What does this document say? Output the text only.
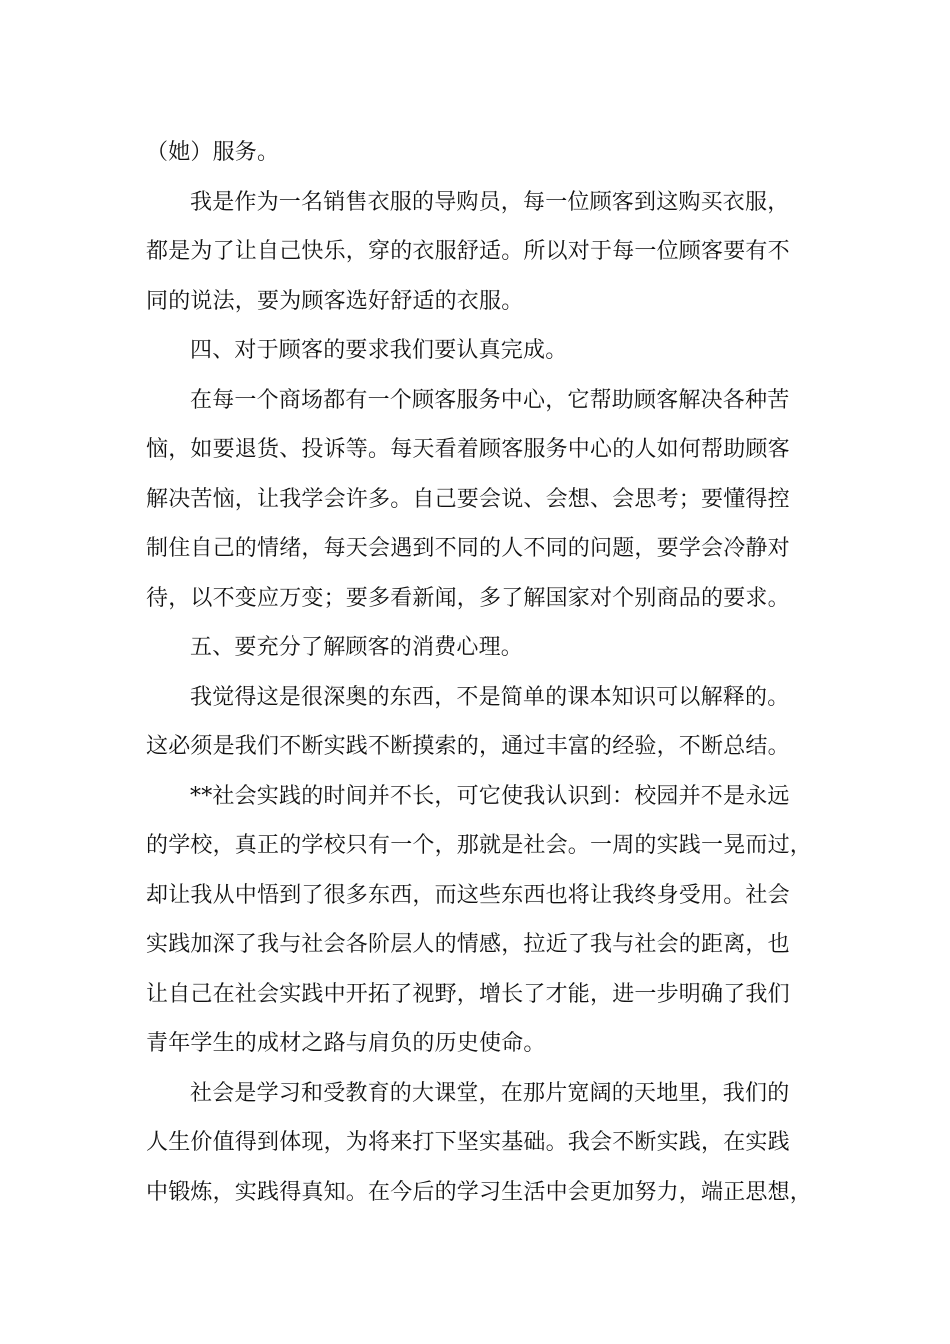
（她）服务。
我是作为一名销售衣服的导购员，每一位顾客到这购买衣服，
都是为了让自己快乐，穿的衣服舒适。所以对于每一位顾客要有不
同的说法，要为顾客选好舒适的衣服。
四、对于顾客的要求我们要认真完成。
在每一个商场都有一个顾客服务中心，它帮助顾客解决各种苦
恼，如要退货、投诉等。每天看着顾客服务中心的人如何帮助顾客
解决苦恼，让我学会许多。自己要会说、会想、会思考；要懂得控
制住自己的情绪，每天会遇到不同的人不同的问题，要学会冷静对
待，以不变应万变；要多看新闻，多了解国家对个别商品的要求。
五、要充分了解顾客的消费心理。
我觉得这是很深奥的东西，不是简单的课本知识可以解释的。
这必须是我们不断实践不断摸索的，通过丰富的经验，不断总结。
**社会实践的时间并不长，可它使我认识到：校园并不是永远
的学校，真正的学校只有一个，那就是社会。一周的实践一晃而过，
却让我从中悟到了很多东西，而这些东西也将让我终身受用。社会
实践加深了我与社会各阶层人的情感，拉近了我与社会的距离，也
让自己在社会实践中开拓了视野，增长了才能，进一步明确了我们
青年学生的成材之路与肩负的历史使命。
社会是学习和受教育的大课堂，在那片宽阔的天地里，我们的
人生价值得到体现，为将来打下坚实基础。我会不断实践，在实践
中锻炼，实践得真知。在今后的学习生活中会更加努力，端正思想，
